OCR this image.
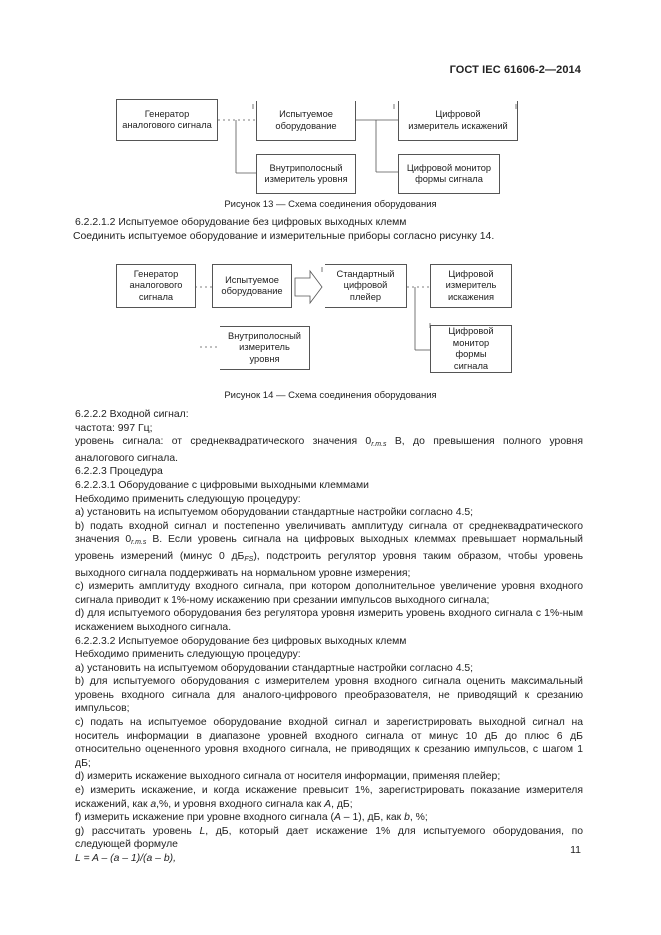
ГОСТ IEC 61606-2—2014
Генератор
аналогового сигнала
Испытуемое
оборудование
Цифровой
измеритель искажений
Внутриполосный
измеритель уровня
Цифровой монитор
формы сигнала
Рисунок 13 — Схема соединения оборудования

6.2.2.1.2 Испытуемое оборудование без цифровых выходных клемм

Соединить испытуемое оборудование и измерительные приборы согласно рисунку 14.

Генератор
аналогового
сигнала
Испытуемое
оборудование
Стандартный
цифровой
плейер
Цифровой
измеритель
искажения
Внутриполосный
измеритель
уровня
Цифровой
монитор
формы
сигнала
Рисунок 14 — Схема соединения оборудования

6.2.2.2 Входной сигнал:

частота: 997 Гц;

уровень сигнала: от среднеквадратического значения $0_{r.m.s}$ В, до превышения полного уровня аналогового сигнала.

6.2.2.3 Процедура

6.2.2.3.1 Оборудование с цифровыми выходными клеммами

Небходимо применить следующую процедуру:

а) установить на испытуемом оборудовании стандартные настройки согласно 4.5;

b) подать входной сигнал и постепенно увеличивать амплитуду сигнала от среднеквадратического значения $0_{r.m.s}$ В. Если уровень сигнала на цифровых выходных клеммах превышает нормальный уровень измерений (минус 0 $дБ_{FS}$), подстроить регулятор уровня таким образом, чтобы уровень выходного сигнала поддерживать на нормальном уровне измерения;

с) измерить амплитуду входного сигнала, при котором дополнительное увеличение уровня входного сигнала приводит к 1%-ному искажению при срезании импульсов выходного сигнала;

d) для испытуемого оборудования без регулятора уровня измерить уровень входного сигнала с 1%-ным искажением выходного сигнала.

6.2.2.3.2 Испытуемое оборудование без цифровых выходных клемм

Небходимо применить следующую процедуру:

а) установить на испытуемом оборудовании стандартные настройки согласно 4.5;

b) для испытуемого оборудования с измерителем уровня входного сигнала оценить максимальный уровень входного сигнала для аналого-цифрового преобразователя, не приводящий к срезанию импульсов;

с) подать на испытуемое оборудование входной сигнал и зарегистрировать выходной сигнал на носитель информации в диапазоне уровней входного сигнала от минус 10 дБ до плюс 6 дБ относительно оцененного уровня входного сигнала, не приводящих к срезанию импульсов, с шагом 1 дБ;

d) измерить искажение выходного сигнала от носителя информации, применяя плейер;

е) измерить искажение, и когда искажение превысит 1%, зарегистрировать показание измерителя искажений, как a,%, и уровня входного сигнала как A, дБ;

f) измерить искажение при уровне входного сигнала (A – 1), дБ, как b, %;

g) рассчитать уровень L, дБ, который дает искажение 1% для испытуемого оборудования, по следующей формуле

L = A – (a – 1)/(a – b),

11
